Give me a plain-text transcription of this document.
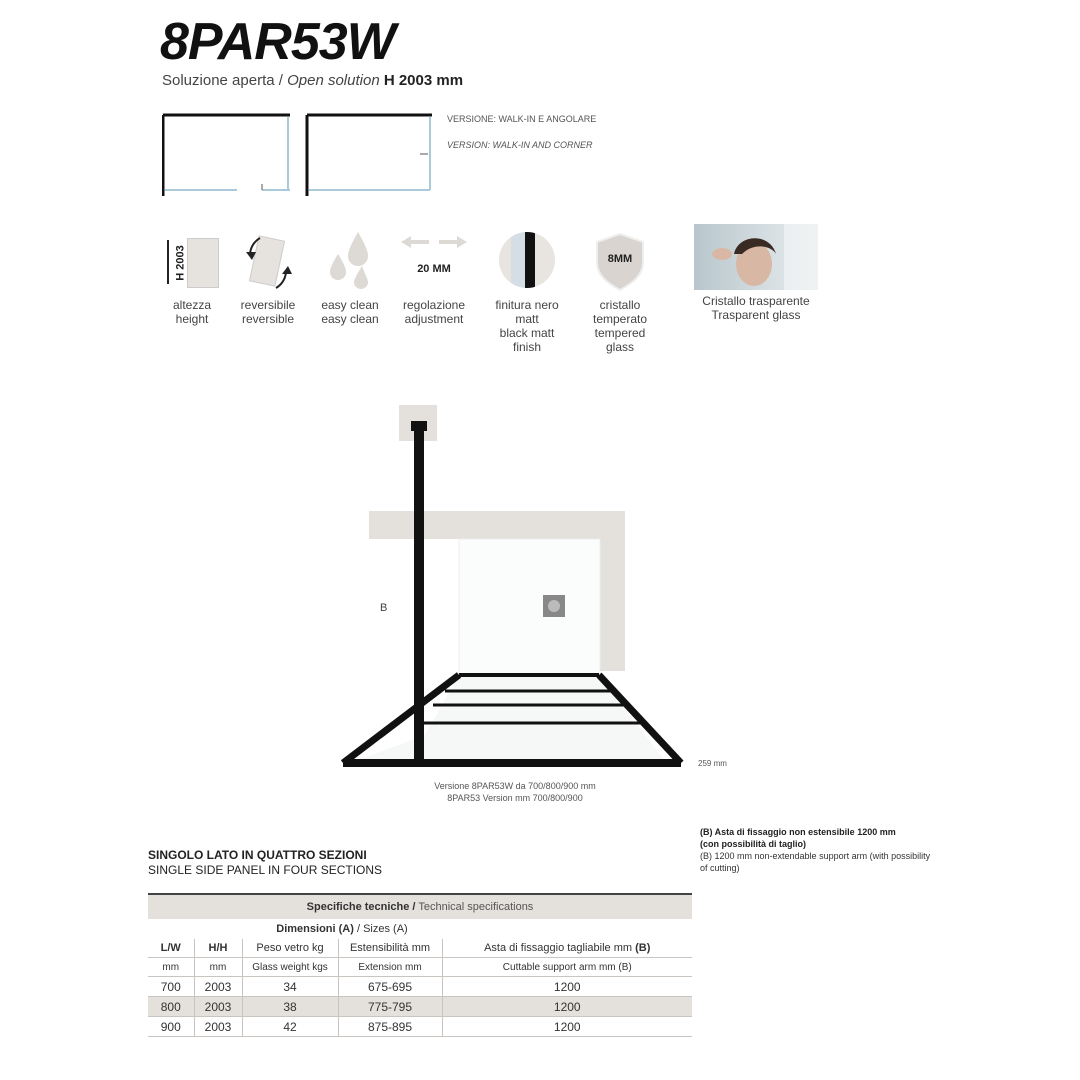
8PAR53W
Soluzione aperta / Open solution H 2003 mm
VERSIONE: WALK-IN E ANGOLARE
VERSION: WALK-IN AND CORNER
H 2003
altezza
height
reversibile
reversible
easy clean
easy clean
20 MM
regolazione
adjustment
finitura nero
matt
black matt
finish
8MM
cristallo
temperato
tempered
glass
Cristallo trasparente
Trasparent glass
B
259 mm
Versione 8PAR53W da 700/800/900 mm
8PAR53 Version mm 700/800/900
(B) Asta di fissaggio non estensibile 1200 mm
(con possibilità di taglio)
(B) 1200 mm non-extendable support arm (with possibility of cutting)
SINGOLO LATO IN QUATTRO SEZIONI
SINGLE SIDE PANEL IN FOUR SECTIONS
Specifiche tecniche / Technical specifications				
		Dimensioni (A) / Sizes (A)		
L/W	H/H	Peso vetro kg	Estensibilità mm	Asta di fissaggio tagliabile mm (B)
mm	mm	Glass weight kgs	Extension mm	Cuttable support arm mm (B)
700	2003	34	675-695	1200
800	2003	38	775-795	1200
900	2003	42	875-895	1200
